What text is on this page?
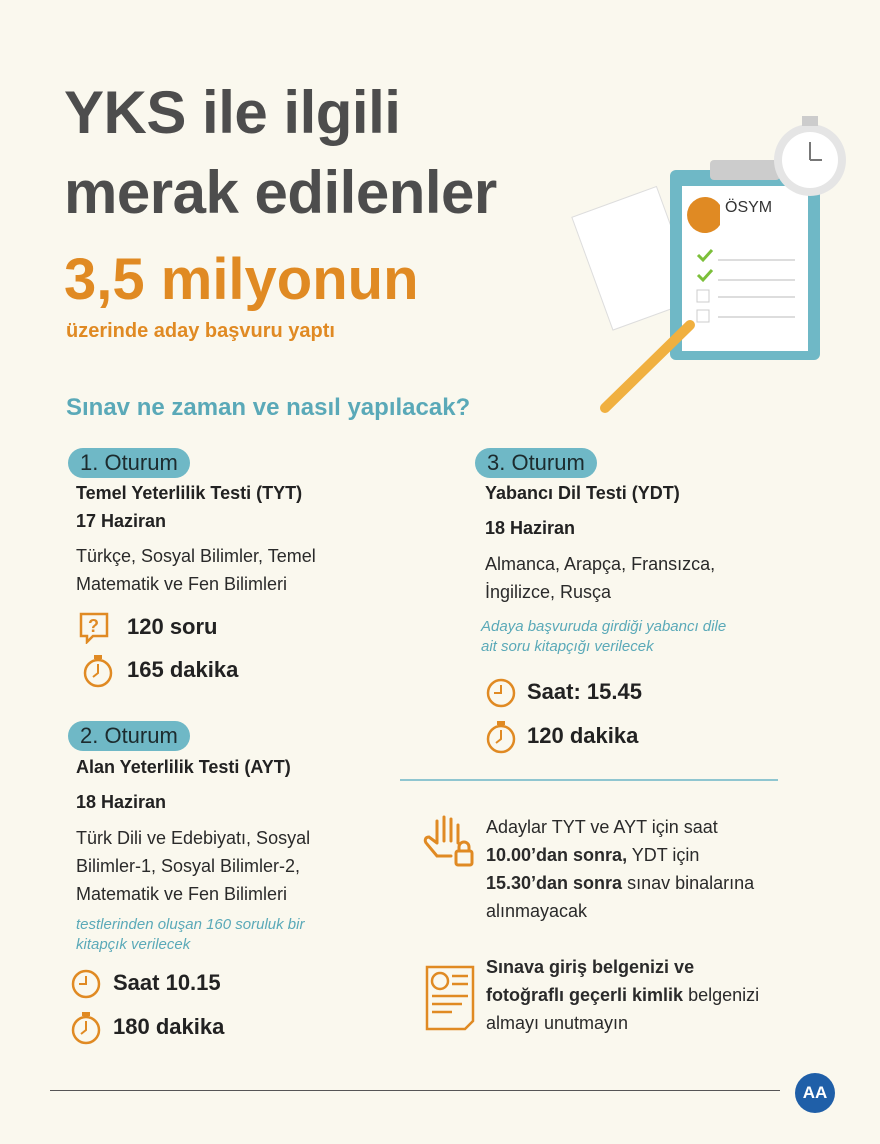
YKS ile ilgili
merak edilenler
3,5 milyonun
üzerinde aday başvuru yaptı
Sınav ne zaman ve nasıl yapılacak?
ÖSYM
1. Oturum
Temel Yeterlilik Testi (TYT)
17 Haziran
Türkçe, Sosyal Bilimler, Temel
Matematik ve Fen Bilimleri
? 120 soru
165 dakika
2. Oturum
Alan Yeterlilik Testi (AYT)
18 Haziran
Türk Dili ve Edebiyatı, Sosyal
Bilimler-1, Sosyal Bilimler-2,
Matematik ve Fen Bilimleri
testlerinden oluşan 160 soruluk bir
kitapçık verilecek
Saat 10.15
180 dakika
3. Oturum
Yabancı Dil Testi (YDT)
18 Haziran
Almanca, Arapça, Fransızca,
İngilizce, Rusça
Adaya başvuruda girdiği yabancı dile
ait soru kitapçığı verilecek
Saat: 15.45
120 dakika
Adaylar TYT ve AYT için saat
10.00’dan sonra, YDT için
15.30’dan sonra sınav binalarına
alınmayacak
Sınava giriş belgenizi ve
fotoğraflı geçerli kimlik belgenizi
almayı unutmayın
AA
